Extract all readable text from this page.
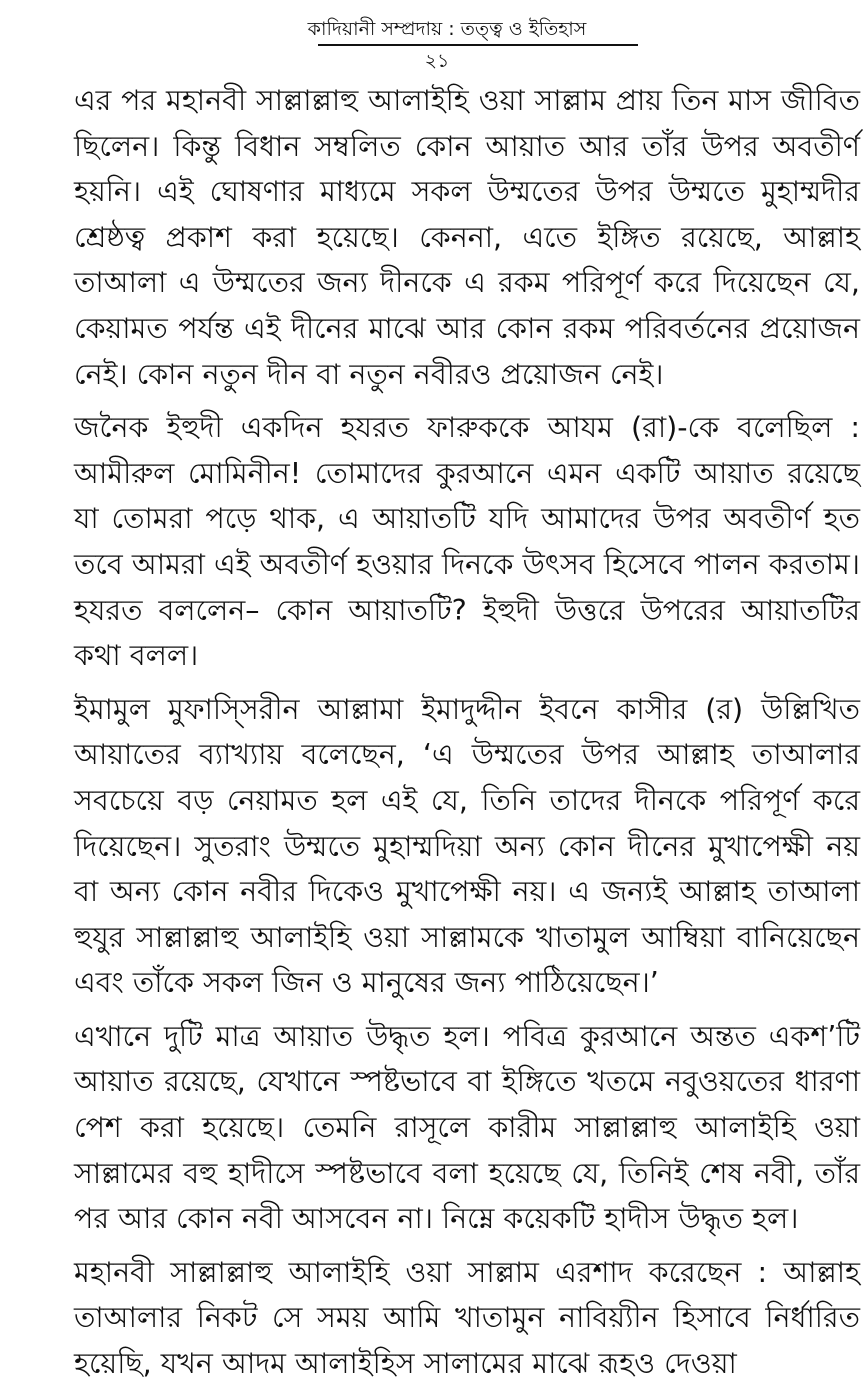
কাদিয়ানী সম্প্রদায় : তত্ত্ব ও ইতিহাস
২১

এর পর মহানবী সাল্লাল্লাহু আলাইহি ওয়া সাল্লাম প্রায় তিন মাস জীবিত ছিলেন। কিন্তু বিধান সম্বলিত কোন আয়াত আর তাঁর উপর অবতীর্ণ হয়নি। এই ঘোষণার মাধ্যমে সকল উম্মতের উপর উম্মতে মুহাম্মদীর শ্রেষ্ঠত্ব প্রকাশ করা হয়েছে। কেননা, এতে ইঙ্গিত রয়েছে, আল্লাহ তাআলা এ উম্মতের জন্য দীনকে এ রকম পরিপূর্ণ করে দিয়েছেন যে, কেয়ামত পর্যন্ত এই দীনের মাঝে আর কোন রকম পরিবর্তনের প্রয়োজন নেই। কোন নতুন দীন বা নতুন নবীরও প্রয়োজন নেই।

জনৈক ইহুদী একদিন হযরত ফারুককে আযম (রা)-কে বলেছিল : আমীরুল মোমিনীন! তোমাদের কুরআনে এমন একটি আয়াত রয়েছে যা তোমরা পড়ে থাক, এ আয়াতটি যদি আমাদের উপর অবতীর্ণ হত তবে আমরা এই অবতীর্ণ হওয়ার দিনকে উৎসব হিসেবে পালন করতাম। হযরত বললেন– কোন আয়াতটি? ইহুদী উত্তরে উপরের আয়াতটির কথা বলল।

ইমামুল মুফাস্সিরীন আল্লামা ইমাদুদ্দীন ইবনে কাসীর (র) উল্লিখিত আয়াতের ব্যাখ্যায় বলেছেন, ‘এ উম্মতের উপর আল্লাহ তাআলার সবচেয়ে বড় নেয়ামত হল এই যে, তিনি তাদের দীনকে পরিপূর্ণ করে দিয়েছেন। সুতরাং উম্মতে মুহাম্মদিয়া অন্য কোন দীনের মুখাপেক্ষী নয় বা অন্য কোন নবীর দিকেও মুখাপেক্ষী নয়। এ জন্যই আল্লাহ তাআলা হুযুর সাল্লাল্লাহু আলাইহি ওয়া সাল্লামকে খাতামুল আম্বিয়া বানিয়েছেন এবং তাঁকে সকল জিন ও মানুষের জন্য পাঠিয়েছেন।’

এখানে দুটি মাত্র আয়াত উদ্ধৃত হল। পবিত্র কুরআনে অন্তত একশ’টি আয়াত রয়েছে, যেখানে স্পষ্টভাবে বা ইঙ্গিতে খতমে নবুওয়তের ধারণা পেশ করা হয়েছে। তেমনি রাসূলে কারীম সাল্লাল্লাহু আলাইহি ওয়া সাল্লামের বহু হাদীসে স্পষ্টভাবে বলা হয়েছে যে, তিনিই শেষ নবী, তাঁর পর আর কোন নবী আসবেন না। নিম্নে কয়েকটি হাদীস উদ্ধৃত হল।

মহানবী সাল্লাল্লাহু আলাইহি ওয়া সাল্লাম এরশাদ করেছেন : আল্লাহ তাআলার নিকট সে সময় আমি খাতামুন নাবিয়্যীন হিসাবে নির্ধারিত হয়েছি, যখন আদম আলাইহিস সালামের মাঝে রূহও দেওয়া
